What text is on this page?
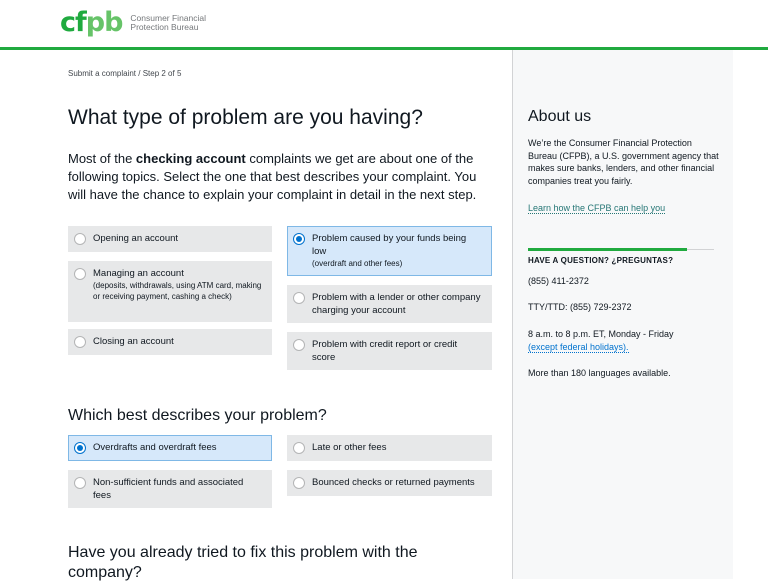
cfpb Consumer Financial
Protection Bureau
Submit a complaint / Step 2 of 5
What type of problem are you having?

Most of the checking account complaints we get are about one of the following topics. Select the one that best describes your complaint. You will have the chance to explain your complaint in detail in the next step.

Opening an account
Managing an account
(deposits, withdrawals, using ATM card, making or receiving payment, cashing a check)
Closing an account
Problem caused by your funds being low
(overdraft and other fees)
Problem with a lender or other company charging your account
Problem with credit report or credit score
Which best describes your problem?
Overdrafts and overdraft fees
Non-sufficient funds and associated fees
Late or other fees
Bounced checks or returned payments
Have you already tried to fix this problem with the company?
About us
We’re the Consumer Financial Protection Bureau (CFPB), a U.S. government agency that makes sure banks, lenders, and other financial companies treat you fairly.
Learn how the CFPB can help you
HAVE A QUESTION? ¿PREGUNTAS?
(855) 411-2372
TTY/TTD: (855) 729-2372
8 a.m. to 8 p.m. ET, Monday - Friday
(except federal holidays).
More than 180 languages available.
